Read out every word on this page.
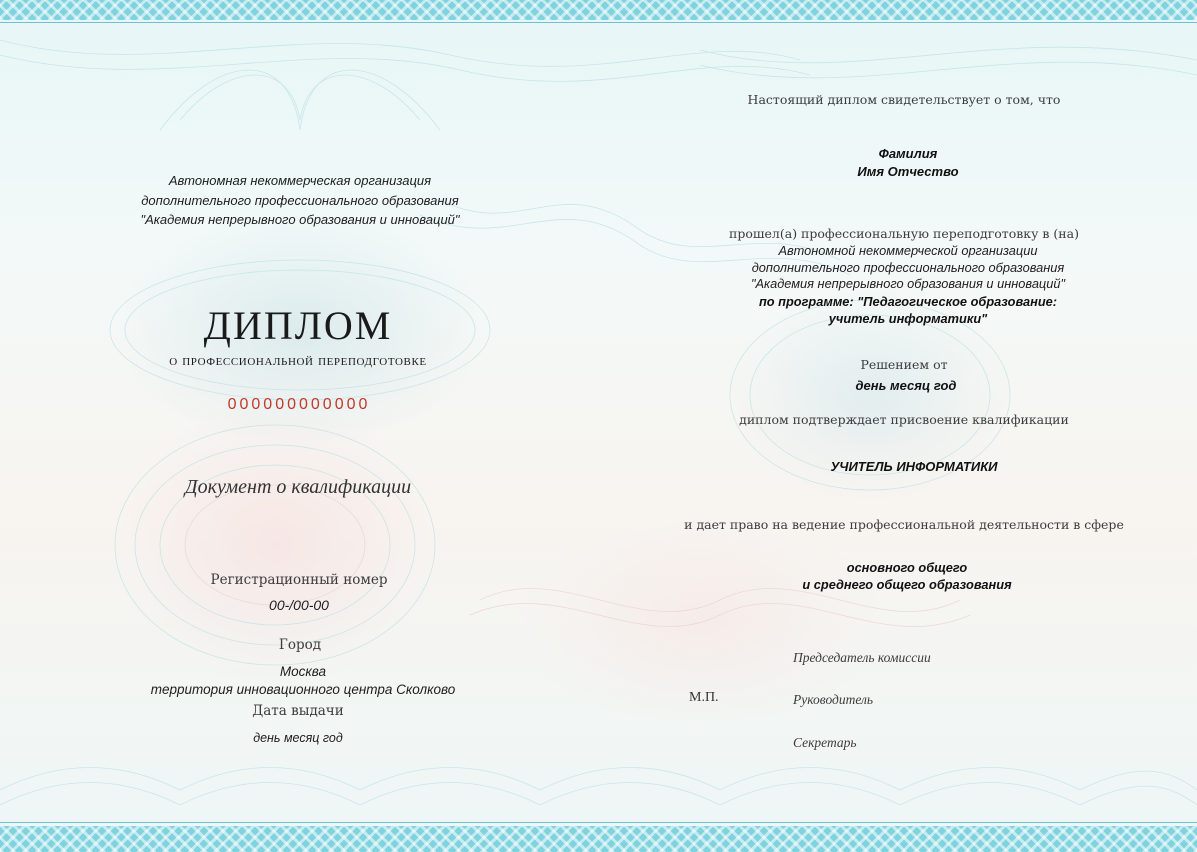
Автономная некоммерческая организация
дополнительного профессионального образования
"Академия непрерывного образования и инноваций"
ДИПЛОМ
о профессиональной переподготовке
000000000000
Документ о квалификации
Регистрационный номер
00-/00-00
Город
Москва
территория инновационного центра Сколково
Дата выдачи
день месяц год
Настоящий диплом свидетельствует о том, что
Фамилия
Имя Отчество
прошел(а) профессиональную переподготовку в (на)
Автономной некоммерческой организации
дополнительного профессионального образования
"Академия непрерывного образования и инноваций"
по программе: "Педагогическое образование:
учитель информатики"
Решением от
день месяц год
диплом подтверждает присвоение квалификации
УЧИТЕЛЬ ИНФОРМАТИКИ
и дает право на ведение профессиональной деятельности в сфере
основного общего
и среднего общего образования
М.П.
Председатель комиссии
Руководитель
Секретарь
